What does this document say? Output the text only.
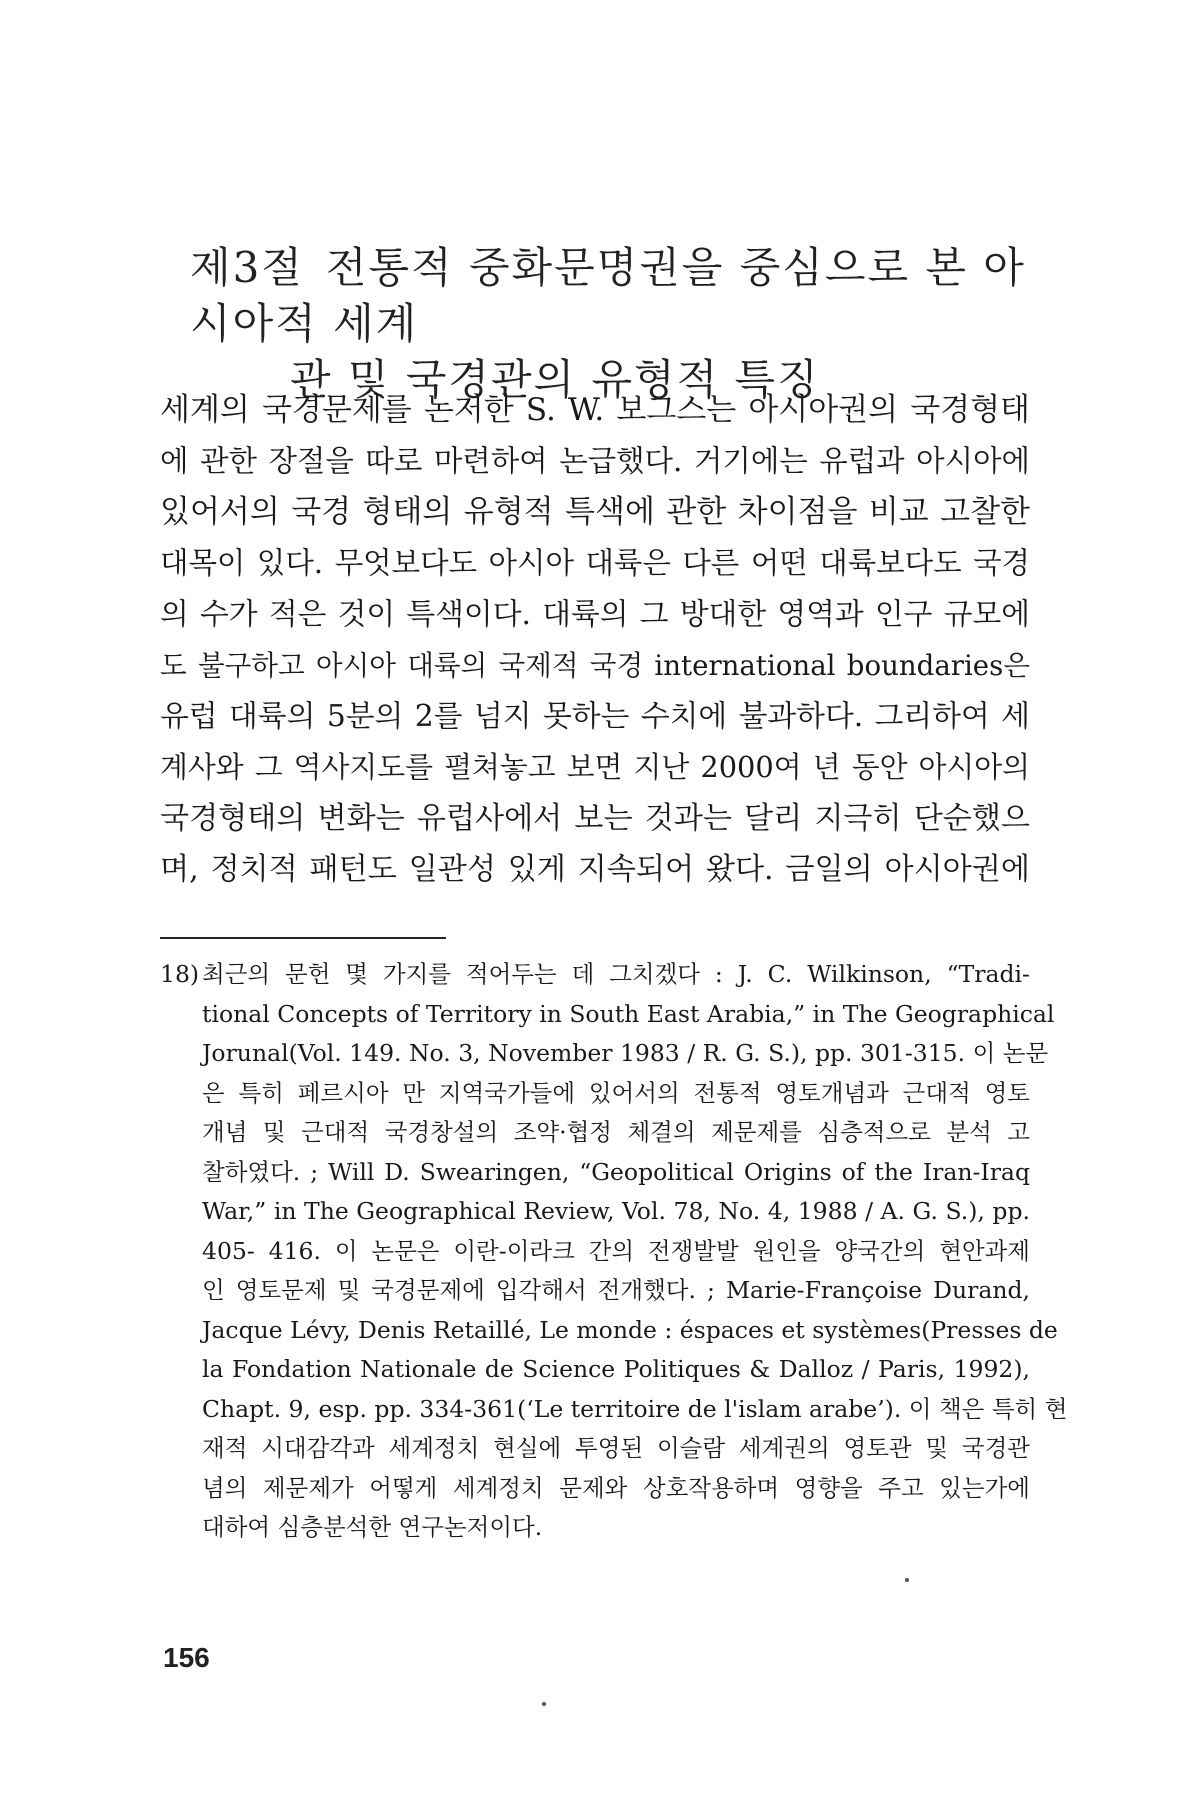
제3절 전통적 중화문명권을 중심으로 본 아시아적 세계
관 및 국경관의 유형적 특징
세계의 국경문제를 논저한 S. W. 보그스는 아시아권의 국경형태
에 관한 장절을 따로 마련하여 논급했다. 거기에는 유럽과 아시아에
있어서의 국경 형태의 유형적 특색에 관한 차이점을 비교 고찰한
대목이 있다. 무엇보다도 아시아 대륙은 다른 어떤 대륙보다도 국경
의 수가 적은 것이 특색이다. 대륙의 그 방대한 영역과 인구 규모에
도 불구하고 아시아 대륙의 국제적 국경 international boundaries은
유럽 대륙의 5분의 2를 넘지 못하는 수치에 불과하다. 그리하여 세
계사와 그 역사지도를 펼쳐놓고 보면 지난 2000여 년 동안 아시아의
국경형태의 변화는 유럽사에서 보는 것과는 달리 지극히 단순했으
며, 정치적 패턴도 일관성 있게 지속되어 왔다. 금일의 아시아권에
18) 최근의 문헌 몇 가지를 적어두는 데 그치겠다 : J. C. Wilkinson, “Tradi-
tional Concepts of Territory in South East Arabia,” in The Geographical
Jorunal(Vol. 149. No. 3, November 1983 / R. G. S.), pp. 301-315. 이 논문
은 특히 페르시아 만 지역국가들에 있어서의 전통적 영토개념과 근대적 영토
개념 및 근대적 국경창설의 조약·협정 체결의 제문제를 심층적으로 분석 고
찰하였다. ; Will D. Swearingen, “Geopolitical Origins of the Iran-Iraq
War,” in The Geographical Review, Vol. 78, No. 4, 1988 / A. G. S.), pp.
405- 416. 이 논문은 이란-이라크 간의 전쟁발발 원인을 양국간의 현안과제
인 영토문제 및 국경문제에 입각해서 전개했다. ; Marie-Françoise Durand,
Jacque Lévy, Denis Retaillé, Le monde : éspaces et systèmes(Presses de
la Fondation Nationale de Science Politiques & Dalloz / Paris, 1992),
Chapt. 9, esp. pp. 334-361(‘Le territoire de l'islam arabe’). 이 책은 특히 현
재적 시대감각과 세계정치 현실에 투영된 이슬람 세계권의 영토관 및 국경관
념의 제문제가 어떻게 세계정치 문제와 상호작용하며 영향을 주고 있는가에
대하여 심층분석한 연구논저이다.
156
